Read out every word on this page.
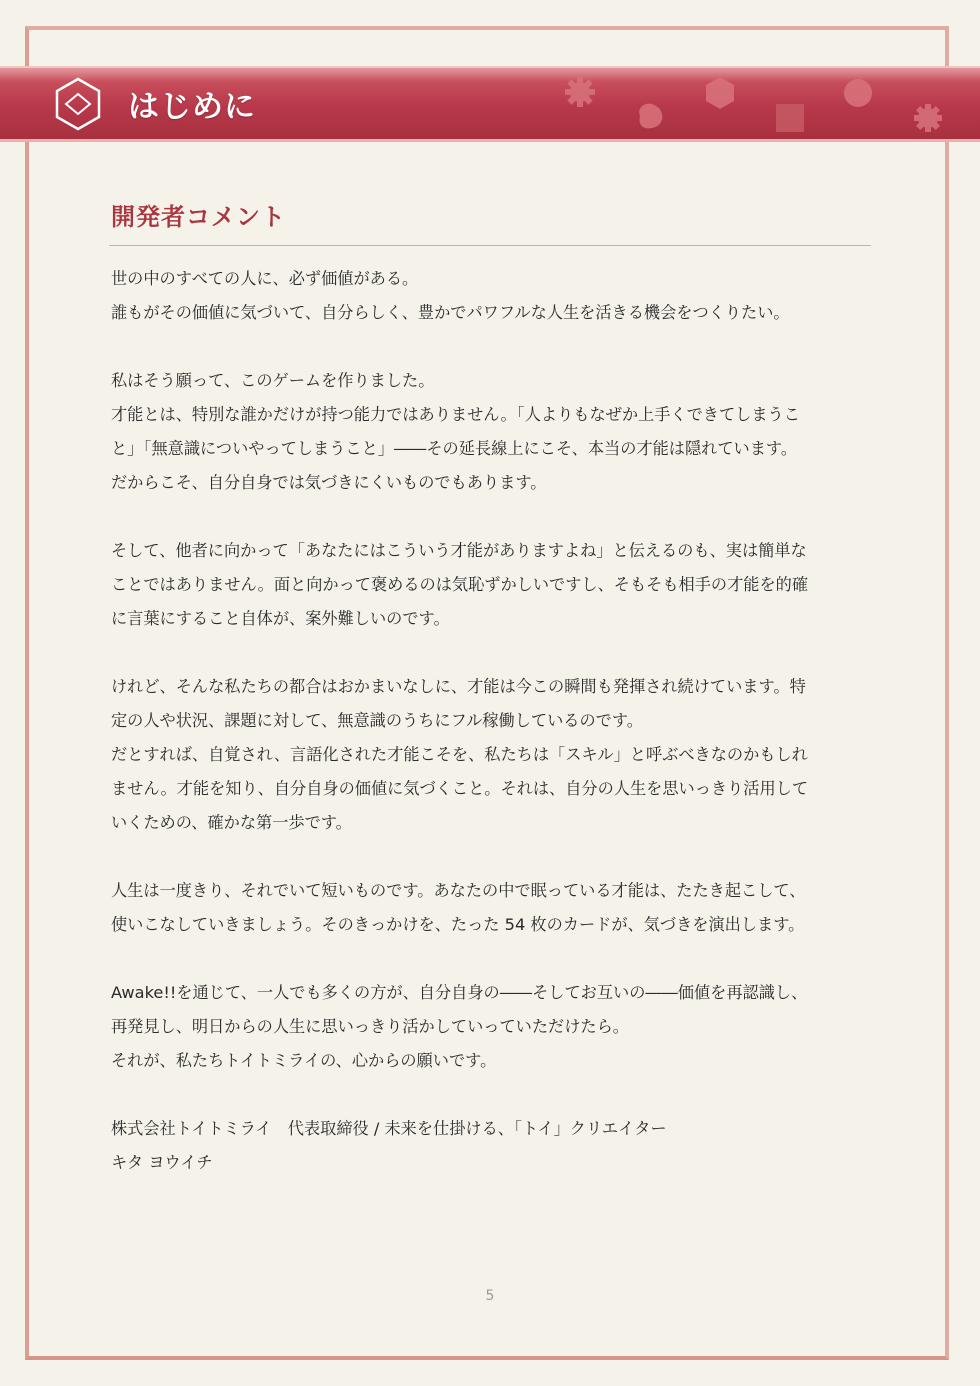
はじめに
開発者コメント
世の中のすべての人に、必ず価値がある。
誰もがその価値に気づいて、自分らしく、豊かでパワフルな人生を活きる機会をつくりたい。
私はそう願って、このゲームを作りました。
才能とは、特別な誰かだけが持つ能力ではありません。「人よりもなぜか上手くできてしまうこ
と」「無意識についやってしまうこと」――その延長線上にこそ、本当の才能は隠れています。
だからこそ、自分自身では気づきにくいものでもあります。
そして、他者に向かって「あなたにはこういう才能がありますよね」と伝えるのも、実は簡単な
ことではありません。面と向かって褒めるのは気恥ずかしいですし、そもそも相手の才能を的確
に言葉にすること自体が、案外難しいのです。
けれど、そんな私たちの都合はおかまいなしに、才能は今この瞬間も発揮され続けています。特
定の人や状況、課題に対して、無意識のうちにフル稼働しているのです。
だとすれば、自覚され、言語化された才能こそを、私たちは「スキル」と呼ぶべきなのかもしれ
ません。才能を知り、自分自身の価値に気づくこと。それは、自分の人生を思いっきり活用して
いくための、確かな第一歩です。
人生は一度きり、それでいて短いものです。あなたの中で眠っている才能は、たたき起こして、
使いこなしていきましょう。そのきっかけを、たった 54 枚のカードが、気づきを演出します。
Awake!!を通じて、一人でも多くの方が、自分自身の――そしてお互いの――価値を再認識し、
再発見し、明日からの人生に思いっきり活かしていっていただけたら。
それが、私たちトイトミライの、心からの願いです。
株式会社トイトミライ　代表取締役 / 未来を仕掛ける、「トイ」クリエイター
キタ ヨウイチ
5
